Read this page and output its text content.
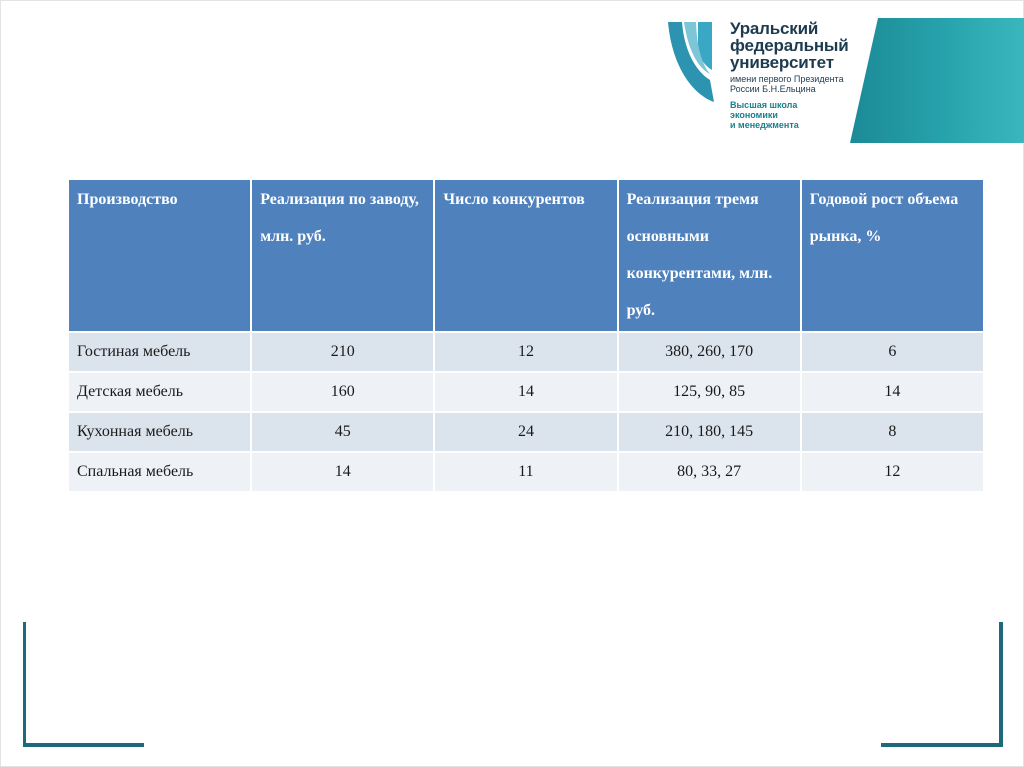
Уральский
федеральный
университет
имени первого Президента
России Б.Н.Ельцина
Высшая школа
экономики
и менеджмента
Производство	Реализация по заводу, млн. руб.	Число конкурентов	Реализация тремя основными конкурентами, млн. руб.	Годовой рост объема рынка, %
Гостиная мебель	210	12	380, 260, 170	6
Детская мебель	160	14	125, 90, 85	14
Кухонная мебель	45	24	210, 180, 145	8
Спальная мебель	14	11	80, 33, 27	12
